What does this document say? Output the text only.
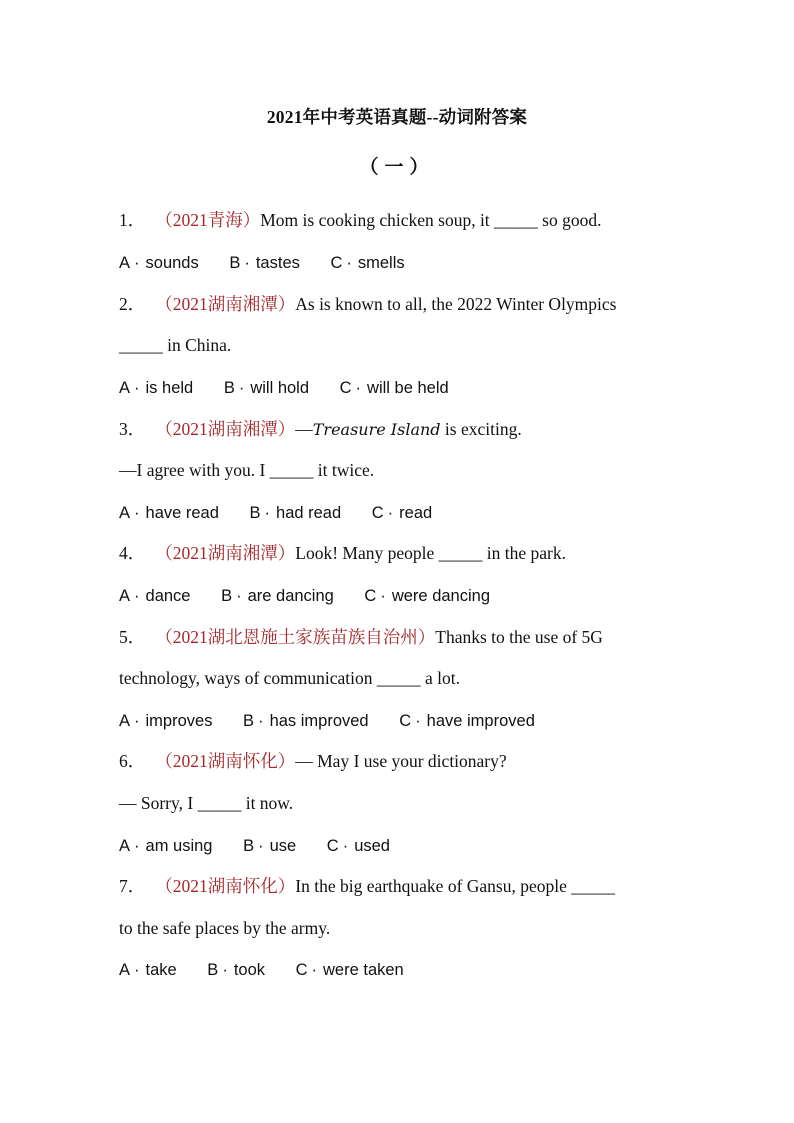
2021年中考英语真题--动词附答案
（一）
1． （2021青海）Mom is cooking chicken soup, it _____ so good.
A · sounds B · tastes C · smells
2． （2021湖南湘潭）As is known to all, the 2022 Winter Olympics
_____ in China.
A · is held B · will hold C · will be held
3． （2021湖南湘潭）—Treasure Island is exciting.
—I agree with you. I _____ it twice.
A · have read B · had read C · read
4． （2021湖南湘潭）Look! Many people _____ in the park.
A · dance B · are dancing C · were dancing
5． （2021湖北恩施土家族苗族自治州）Thanks to the use of 5G
technology, ways of communication _____ a lot.
A · improves B · has improved C · have improved
6． （2021湖南怀化）— May I use your dictionary?
— Sorry, I _____ it now.
A · am using B · use C · used
7． （2021湖南怀化）In the big earthquake of Gansu, people _____
to the safe places by the army.
A · take B · took C · were taken
